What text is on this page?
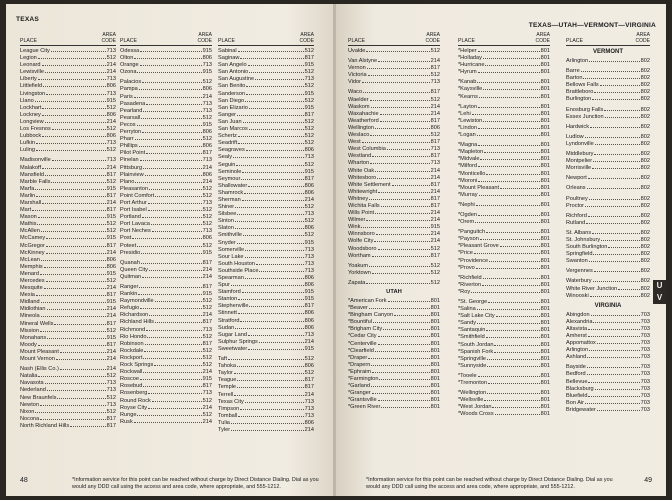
TEXAS
PLACE
AREA CODE
League City	713
Legion	512
Leonard	214
Lewisville	214
Liberty	713
Littlefield	806
Livingston	713
Llano	915
Lockhart	512
Lockney	806
Longview	214
Los Fresnos	512
Lubbock	806
Lufkin	713
Luling	512
Madisonville	713
Malakoff	214
Mansfield	817
Marble Falls	512
Marfa	915
Marlin	817
Marshall	214
Mart	817
Mason	915
Mathis	512
McAllen	512
McCamey	915
McGregor	817
McKinney	214
McLean	806
Memphis	806
Menard	915
Mercedes	512
Mesquite	214
Mexia	817
Midland	915
Midlothian	214
Mineola	214
Mineral Wells	817
Mission	512
Monahans	915
Moody	817
Mount Pleasant	214
Mount Vernon	214
Nash (Ellis Co.)	214
Natalia	512
Navasota	713
Nederland	713
New Braunfels	512
Newton	713
Nixon	512
Nocona	817
North Richland Hills	817
PLACE
AREA CODE
Odessa	915
Olton	806
Orange	713
Ozona	915
Palacios	512
Pampa	806
Paris	214
Pasadena	713
Pearland	713
Pearsall	512
Pecos	915
Perryton	806
Pharr	512
Phillips	806
Pilot Point	817
Pinelan	713
Pittsburg	214
Plainview	806
Plano	214
Pleasanton	512
Point Comfort	512
Port Arthur	713
Port Isabel	512
Portland	512
Port Lavaca	512
Port Neches	713
Post	806
Poteet	512
Presidio	915
Quanah	817
Queen City	214
Quitman	214
Ranger	817
Rankin	915
Raymondville	512
Refugio	512
Richardson	214
Richland Hills	817
Richmond	713
Rio Hondo	512
Robinson	817
Rockdale	512
Rockport	512
Rock Springs	512
Rockwall	214
Roscoe	915
Rosebud	817
Rosenberg	713
Round Rock	512
Royse City	214
Runge	512
Rusk	214
PLACE
AREA CODE
Sabinal	512
Saginaw	817
San Angelo	915
San Antonio	512
San Augustine	713
San Benito	512
Sanderson	915
San Diego	512
San Elizario	915
Sanger	817
San Juan	512
San Marcos	512
Schertz	512
Seadrift	512
Seagraves	806
Sealy	713
Seguin	512
Seminole	915
Seymour	817
Shallowater	806
Shamrock	806
Sherman	214
Shiner	512
Silsbee	713
Sinton	512
Slaton	806
Smithville	512
Snyder	915
Somerville	713
Sour Lake	713
South Houston	713
Southside Place	713
Spearman	806
Spur	806
Stamford	915
Stanton	915
Stephenville	817
Stinnett	806
Stratford	806
Sudan	806
Sugar Land	713
Sulphur Springs	214
Sweetwater	915
Taft	512
Tahoka	806
Taylor	512
Teague	817
Temple	817
Terrell	214
Texas City	713
Timpson	713
Tomball	713
Tulia	806
Tyler	214
48	*Information service for this point can be reached without charge by Direct Distance Dialing. Dial as you would any DDD call using the access and area code, where appropriate, and 555-1212.
TEXAS—UTAH—VERMONT—VIRGINIA
PLACE
AREA CODE
Uvalde	512
Van Alstyne	214
Vernon	817
Victoria	512
Vidor	713
Waco	817
Waelder	512
Waskom	214
Waxahachie	214
Weatherford	817
Wellington	806
Weslaco	512
West	817
West Columbia	713
Westland	817
Wharton	713
White Oak	214
Whitesboro	214
White Settlement	817
Whitewright	214
Whitney	817
Wichita Falls	817
Wills Point	214
Wilmer	214
Wink	915
Winnsboro	214
Wolfe City	214
Woodsboro	512
Wortham	817
Yoakum	512
Yorktown	512
Zapata	512
UTAH
*American Fork	801
*Beaver	801
*Bingham Canyon	801
*Bountiful	801
*Brigham City	801
*Cedar City	801
*Centerville	801
*Clearfield	801
*Draper	801
*Drapern	801
*Ephraim	801
*Farmington	801
*Garland	801
*Granger	801
*Grantsville	801
*Green River	801
PLACE
AREA CODE
*Helper	801
*Holladay	801
*Hurricane	801
*Hyrum	801
*Kanab	801
*Kaysville	801
*Kearns	801
*Layton	801
*Lehi	801
*Lewiston	801
*Lindon	801
*Logan	801
*Magna	801
*Mapleton	801
*Midvale	801
*Milford	801
*Monticello	801
*Moroni	801
*Mount Pleasant	801
*Murray	801
*Nephi	801
*Ogden	801
*Orem	801
*Panguitch	801
*Payson	801
*Pleasant Grove	801
*Price	801
*Providence	801
*Provo	801
*Richfield	801
*Riverton	801
*Roy	801
*St. George	801
*Salina	801
*Salt Lake City	801
*Sandy	801
*Santaquin	801
*Smithfield	801
*South Jordan	801
*Spanish Fork	801
*Springville	801
*Sunnyside	801
*Tooele	801
*Tremonton	801
*Wellington	801
*Wellsville	801
*West Jordan	801
*Woods Cross	801
PLACE
AREA CODE
VERMONT
Arlington	802
Barre	802
Barton	802
Bellows Falls	802
Brattleboro	802
Burlington	802
Enosburg Falls	802
Essex Junction	802
Hardwick	802
Ludlow	802
Lyndonville	802
Middlebury	802
Montpelier	802
Morrisville	802
Newport	802
Orleans	802
Poultney	802
Proctor	802
Richford	802
Rutland	802
St. Albans	802
St. Johnsbury	802
South Burlington	802
Springfield	802
Swanton	802
Vergennes	802
Waterbury	802
White River Junction	802
Winooski	802
VIRGINIA
Abingdon	703
Alexandria	703
Altavista	703
Amherst	703
Appomattox	703
Arlington	703
Ashland	703
Bayside	703
Bedford	703
Bellevue	703
Blacksburg	703
Bluefield	703
Bon Air	703
Bridgewater	703
U
V
49
*Information service for this point can be reached without charge by Direct Distance Dialing. Dial as you would any DDD call using the access and area code, where appropriate, and 555-1212.
